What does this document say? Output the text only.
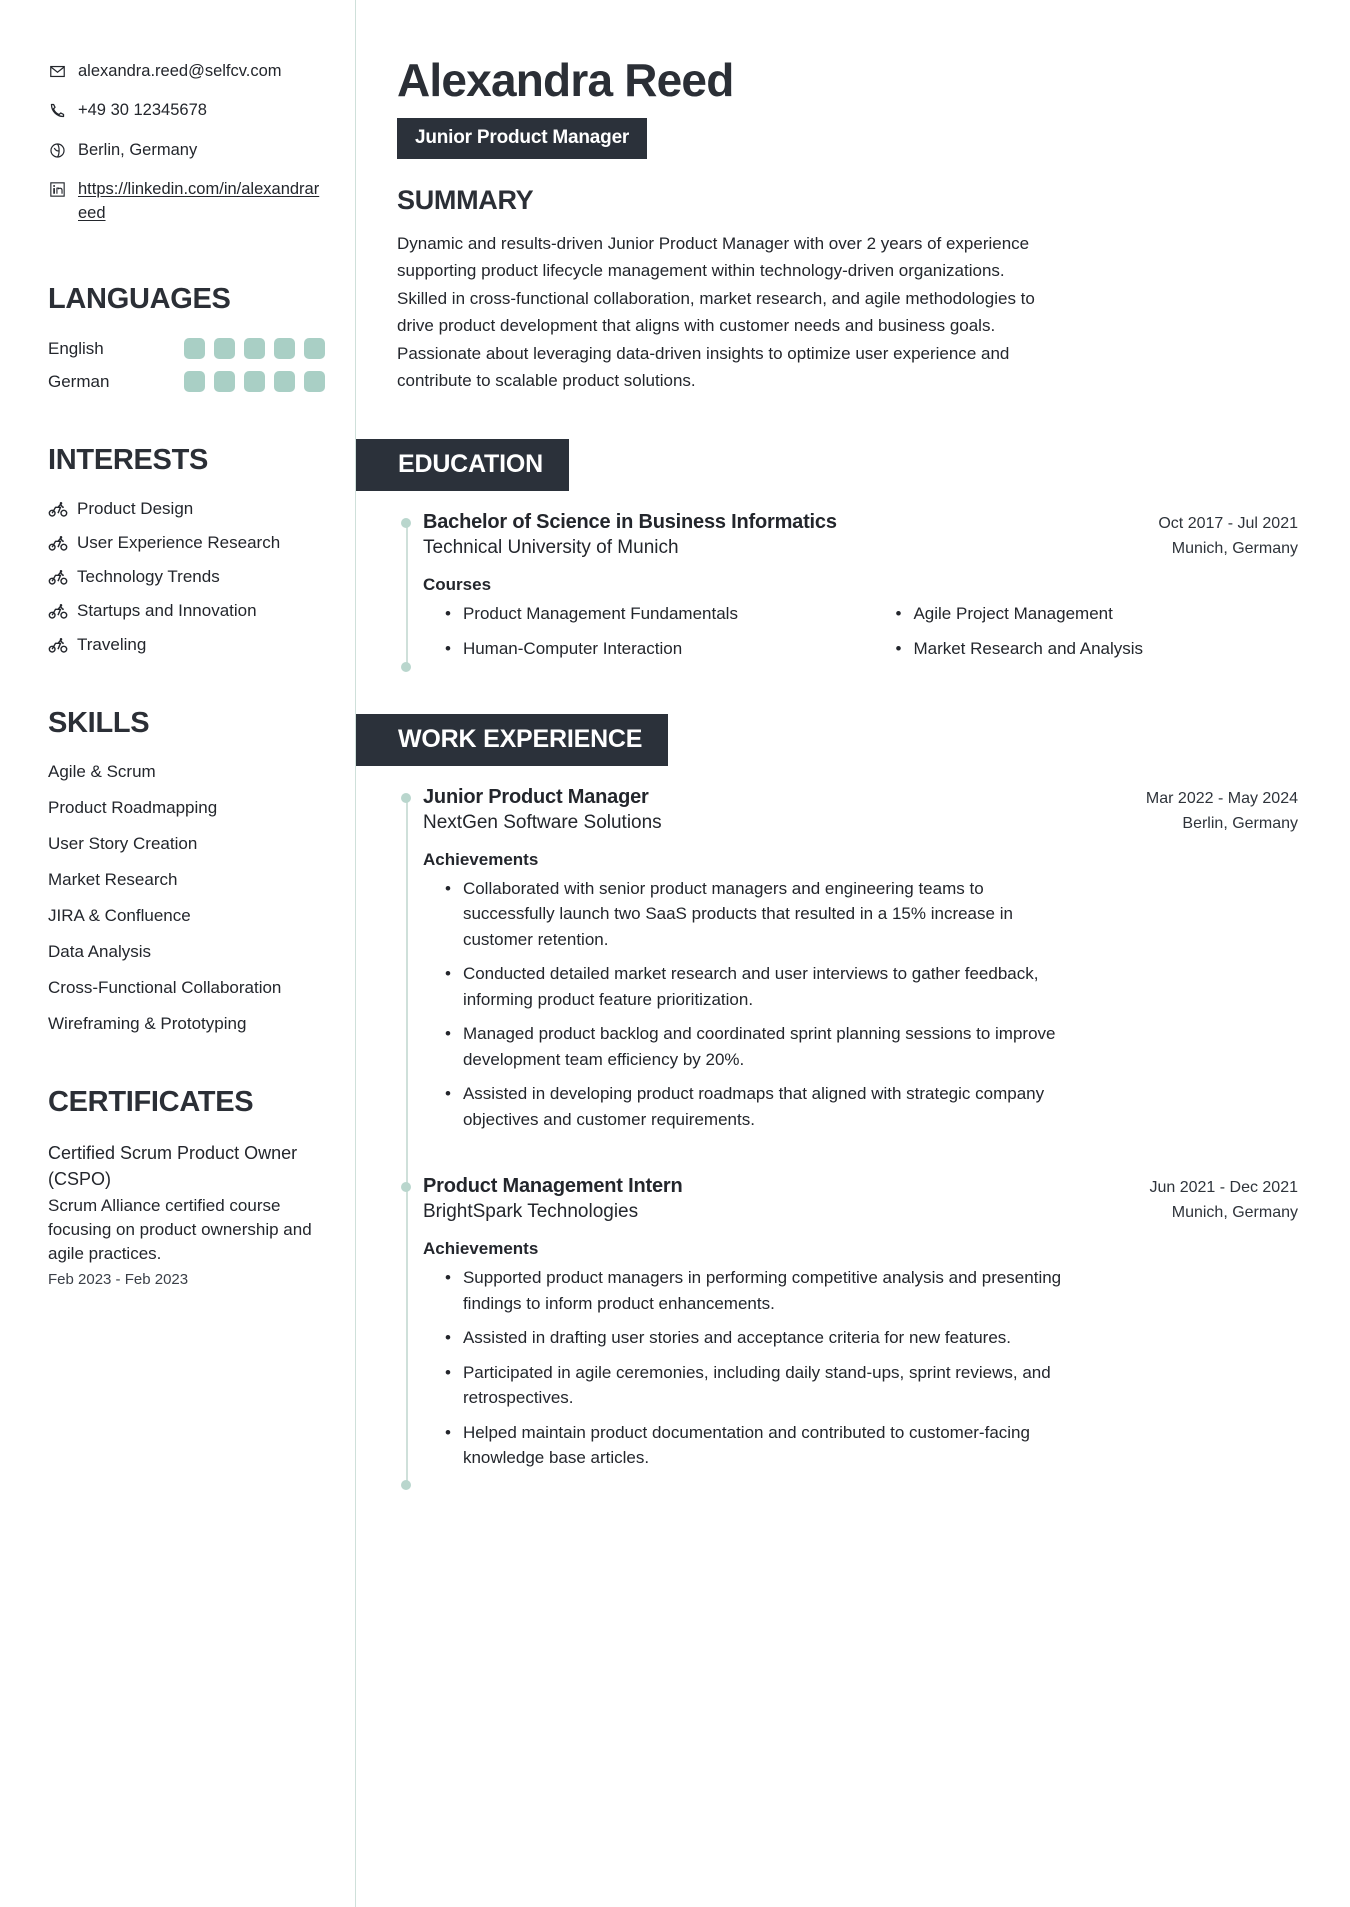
alexandra.reed@selfcv.com
+49 30 12345678
Berlin, Germany
https://linkedin.com/in/alexandrareed
LANGUAGES
English
German
INTERESTS
Product Design
User Experience Research
Technology Trends
Startups and Innovation
Traveling
SKILLS
Agile & Scrum
Product Roadmapping
User Story Creation
Market Research
JIRA & Confluence
Data Analysis
Cross-Functional Collaboration
Wireframing & Prototyping
CERTIFICATES
Certified Scrum Product Owner (CSPO)
Scrum Alliance certified course focusing on product ownership and agile practices.
Feb 2023 - Feb 2023
Alexandra Reed
Junior Product Manager
SUMMARY

Dynamic and results-driven Junior Product Manager with over 2 years of experience supporting product lifecycle management within technology-driven organizations. Skilled in cross-functional collaboration, market research, and agile methodologies to drive product development that aligns with customer needs and business goals. Passionate about leveraging data-driven insights to optimize user experience and contribute to scalable product solutions.

EDUCATION
Bachelor of Science in Business Informatics	Oct 2017 - Jul 2021
Technical University of Munich	Munich, Germany
Courses
• Product Management Fundamentals	• Agile Project Management
• Human-Computer Interaction	• Market Research and Analysis
WORK EXPERIENCE
Junior Product Manager	Mar 2022 - May 2024
NextGen Software Solutions	Berlin, Germany
Achievements
• Collaborated with senior product managers and engineering teams to successfully launch two SaaS products that resulted in a 15% increase in customer retention.
• Conducted detailed market research and user interviews to gather feedback, informing product feature prioritization.
• Managed product backlog and coordinated sprint planning sessions to improve development team efficiency by 20%.
• Assisted in developing product roadmaps that aligned with strategic company objectives and customer requirements.
Product Management Intern	Jun 2021 - Dec 2021
BrightSpark Technologies	Munich, Germany
Achievements
• Supported product managers in performing competitive analysis and presenting findings to inform product enhancements.
• Assisted in drafting user stories and acceptance criteria for new features.
• Participated in agile ceremonies, including daily stand-ups, sprint reviews, and retrospectives.
• Helped maintain product documentation and contributed to customer-facing knowledge base articles.
